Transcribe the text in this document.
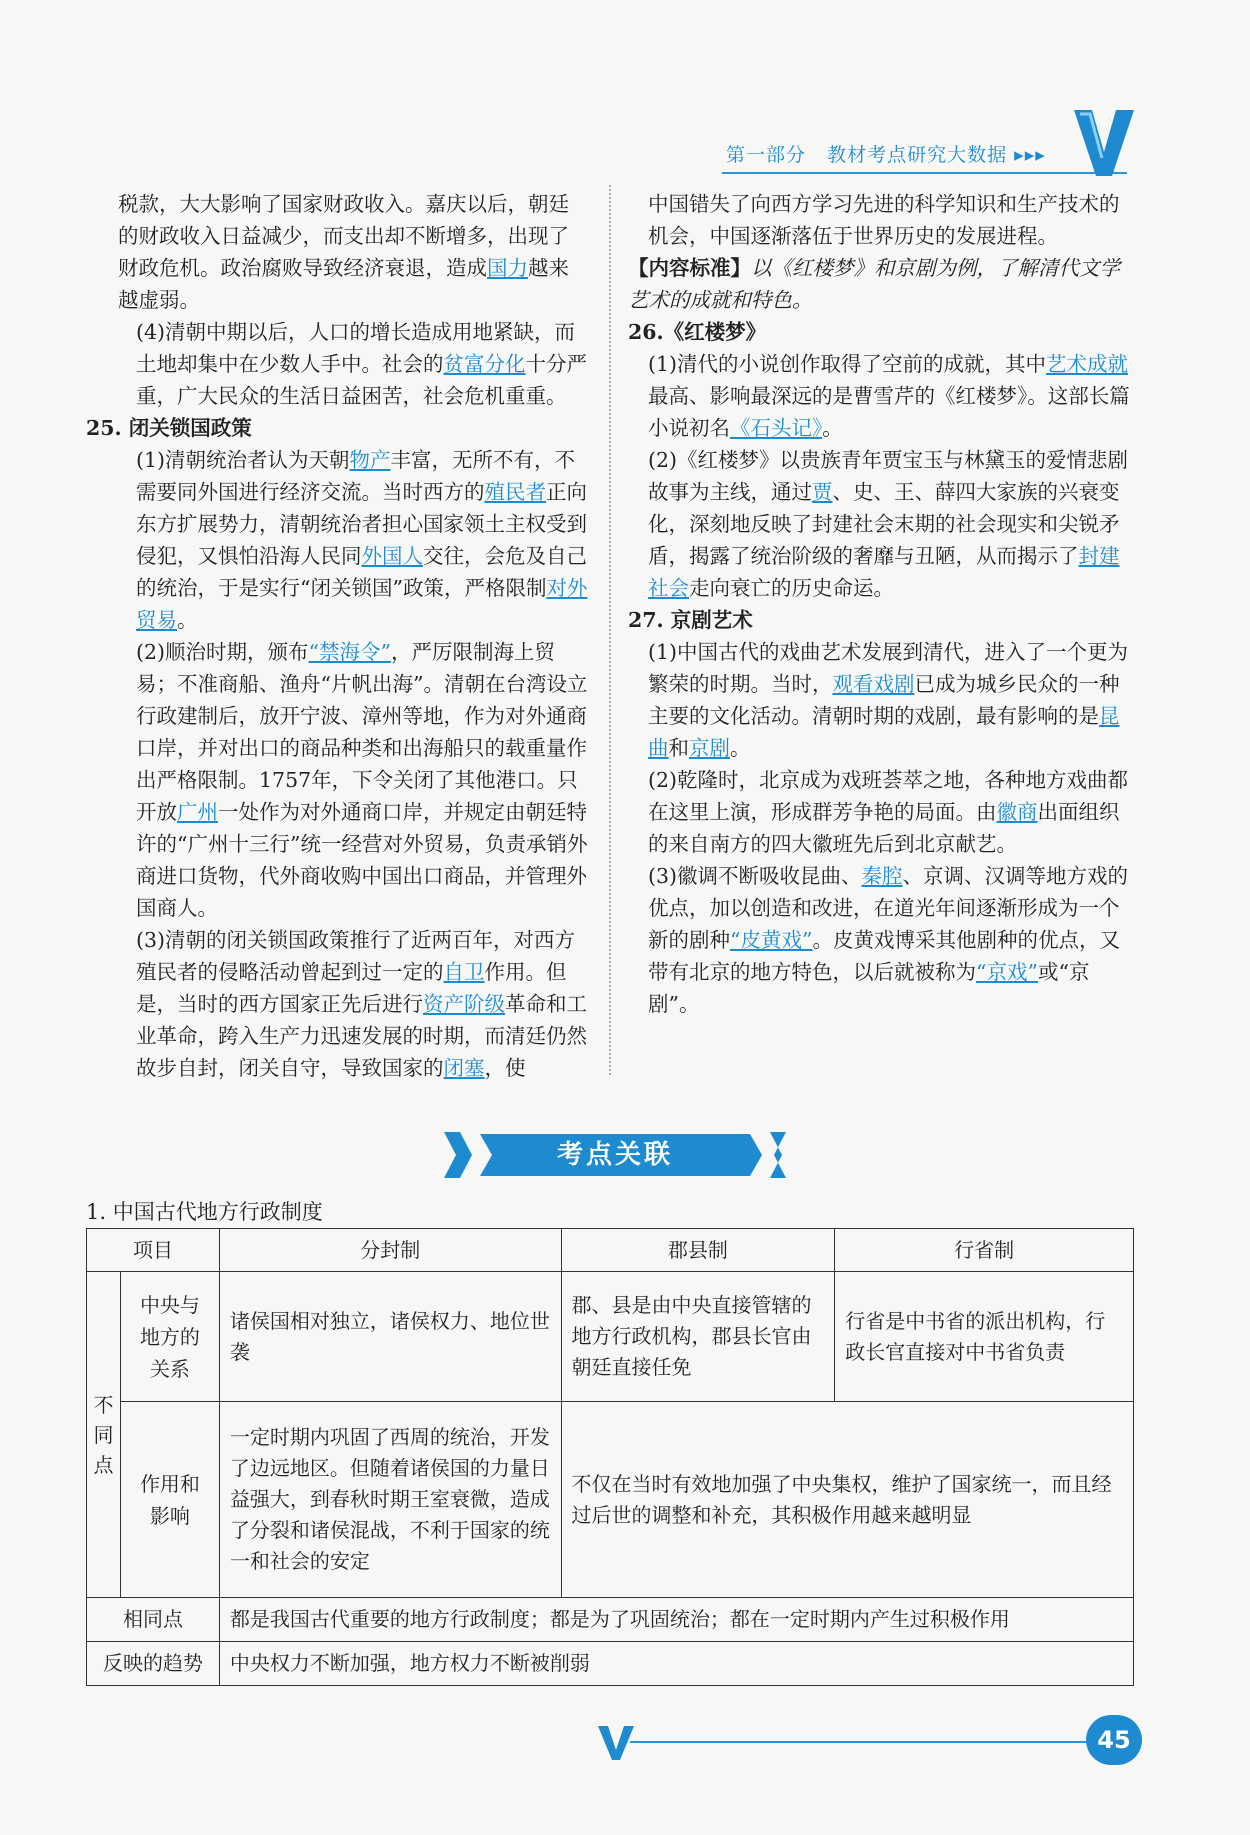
第一部分 教材考点研究大数据 ▸▸▸

税款，大大影响了国家财政收入。嘉庆以后，朝廷的财政收入日益减少，而支出却不断增多，出现了财政危机。政治腐败导致经济衰退，造成国力越来越虚弱。

(4)清朝中期以后，人口的增长造成用地紧缺，而土地却集中在少数人手中。社会的贫富分化十分严重，广大民众的生活日益困苦，社会危机重重。

25. 闭关锁国政策

(1)清朝统治者认为天朝物产丰富，无所不有，不需要同外国进行经济交流。当时西方的殖民者正向东方扩展势力，清朝统治者担心国家领土主权受到侵犯，又惧怕沿海人民同外国人交往，会危及自己的统治，于是实行“闭关锁国”政策，严格限制对外贸易。

(2)顺治时期，颁布“禁海令”，严厉限制海上贸易；不准商船、渔舟“片帆出海”。清朝在台湾设立行政建制后，放开宁波、漳州等地，作为对外通商口岸，并对出口的商品种类和出海船只的载重量作出严格限制。1757年，下令关闭了其他港口。只开放广州一处作为对外通商口岸，并规定由朝廷特许的“广州十三行”统一经营对外贸易，负责承销外商进口货物，代外商收购中国出口商品，并管理外国商人。

(3)清朝的闭关锁国政策推行了近两百年，对西方殖民者的侵略活动曾起到过一定的自卫作用。但是，当时的西方国家正先后进行资产阶级革命和工业革命，跨入生产力迅速发展的时期，而清廷仍然故步自封，闭关自守，导致国家的闭塞，使

中国错失了向西方学习先进的科学知识和生产技术的机会，中国逐渐落伍于世界历史的发展进程。

【内容标准】以《红楼梦》和京剧为例，了解清代文学艺术的成就和特色。

26.《红楼梦》

(1)清代的小说创作取得了空前的成就，其中艺术成就最高、影响最深远的是曹雪芹的《红楼梦》。这部长篇小说初名《石头记》。

(2)《红楼梦》以贵族青年贾宝玉与林黛玉的爱情悲剧故事为主线，通过贾、史、王、薛四大家族的兴衰变化，深刻地反映了封建社会末期的社会现实和尖锐矛盾，揭露了统治阶级的奢靡与丑陋，从而揭示了封建社会走向衰亡的历史命运。

27. 京剧艺术

(1)中国古代的戏曲艺术发展到清代，进入了一个更为繁荣的时期。当时，观看戏剧已成为城乡民众的一种主要的文化活动。清朝时期的戏剧，最有影响的是昆曲和京剧。

(2)乾隆时，北京成为戏班荟萃之地，各种地方戏曲都在这里上演，形成群芳争艳的局面。由徽商出面组织的来自南方的四大徽班先后到北京献艺。

(3)徽调不断吸收昆曲、秦腔、京调、汉调等地方戏的优点，加以创造和改进，在道光年间逐渐形成为一个新的剧种“皮黄戏”。皮黄戏博采其他剧种的优点，又带有北京的地方特色，以后就被称为“京戏”或“京剧”。

考点关联
1. 中国古代地方行政制度
项目		分封制	郡县制	行省制
不同点	中央与地方的关系	诸侯国相对独立，诸侯权力、地位世袭	郡、县是由中央直接管辖的地方行政机构，郡县长官由朝廷直接任免	行省是中书省的派出机构，行政长官直接对中书省负责
	作用和影响	一定时期内巩固了西周的统治，开发了边远地区。但随着诸侯国的力量日益强大，到春秋时期王室衰微，造成了分裂和诸侯混战，不利于国家的统一和社会的安定	不仅在当时有效地加强了中央集权，维护了国家统一，而且经过后世的调整和补充，其积极作用越来越明显	
相同点		都是我国古代重要的地方行政制度；都是为了巩固统治；都在一定时期内产生过积极作用		
反映的趋势		中央权力不断加强，地方权力不断被削弱		
45
